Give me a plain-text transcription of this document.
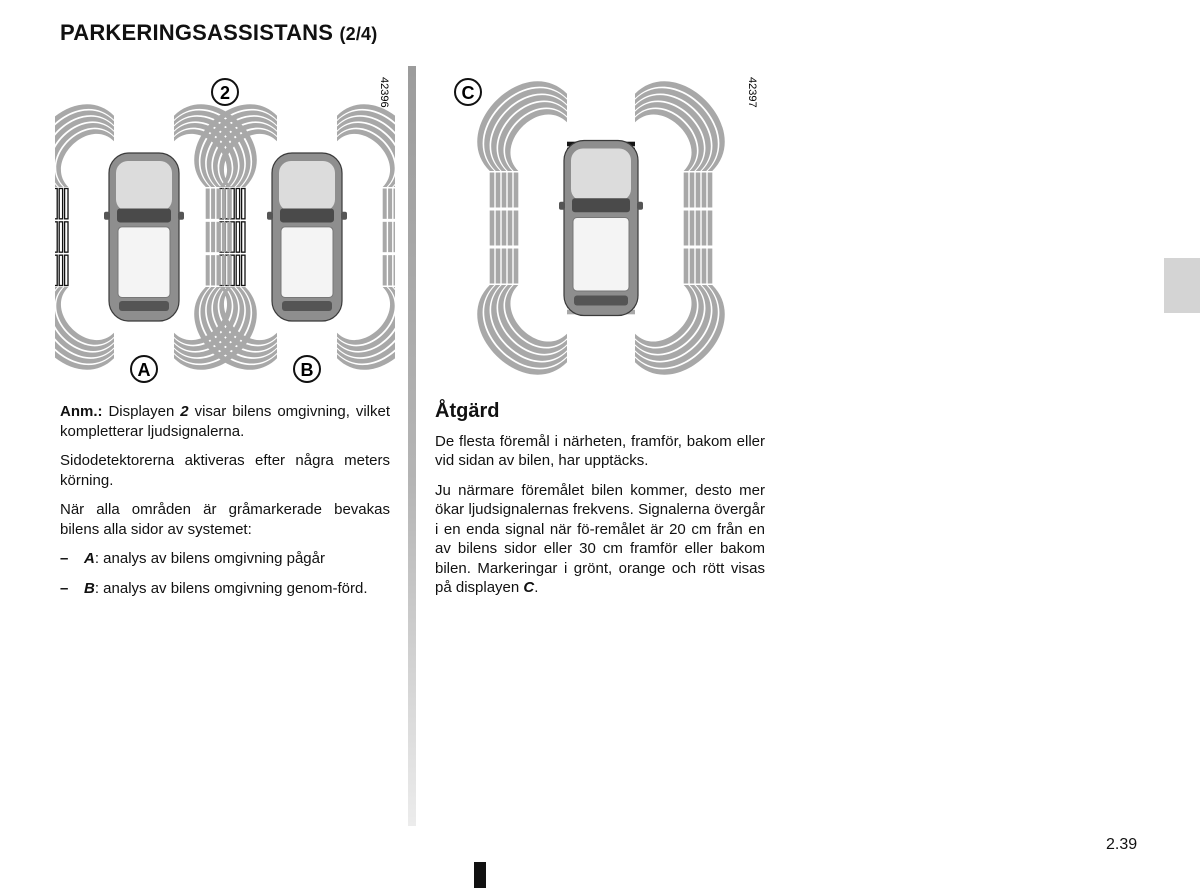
PARKERINGSASSISTANS (2/4)
2
A	B
42396	C	42397

Anm.: Displayen 2 visar bilens omgivning, vilket kompletterar ljudsignalerna.

Sidodetektorerna aktiveras efter några meters körning.

När alla områden är gråmarkerade bevakas bilens alla sidor av systemet:

–	A: analys av bilens omgivning pågår
–	B: analys av bilens omgivning genom-förd.
Åtgärd

De flesta föremål i närheten, framför, bakom eller vid sidan av bilen, har upptäcks.

Ju närmare föremålet bilen kommer, desto mer ökar ljudsignalernas frekvens. Signalerna övergår i en enda signal när fö-remålet är 20 cm från en av bilens sidor eller 30 cm framför eller bakom bilen. Markeringar i grönt, orange och rött visas på displayen C.

2.39
